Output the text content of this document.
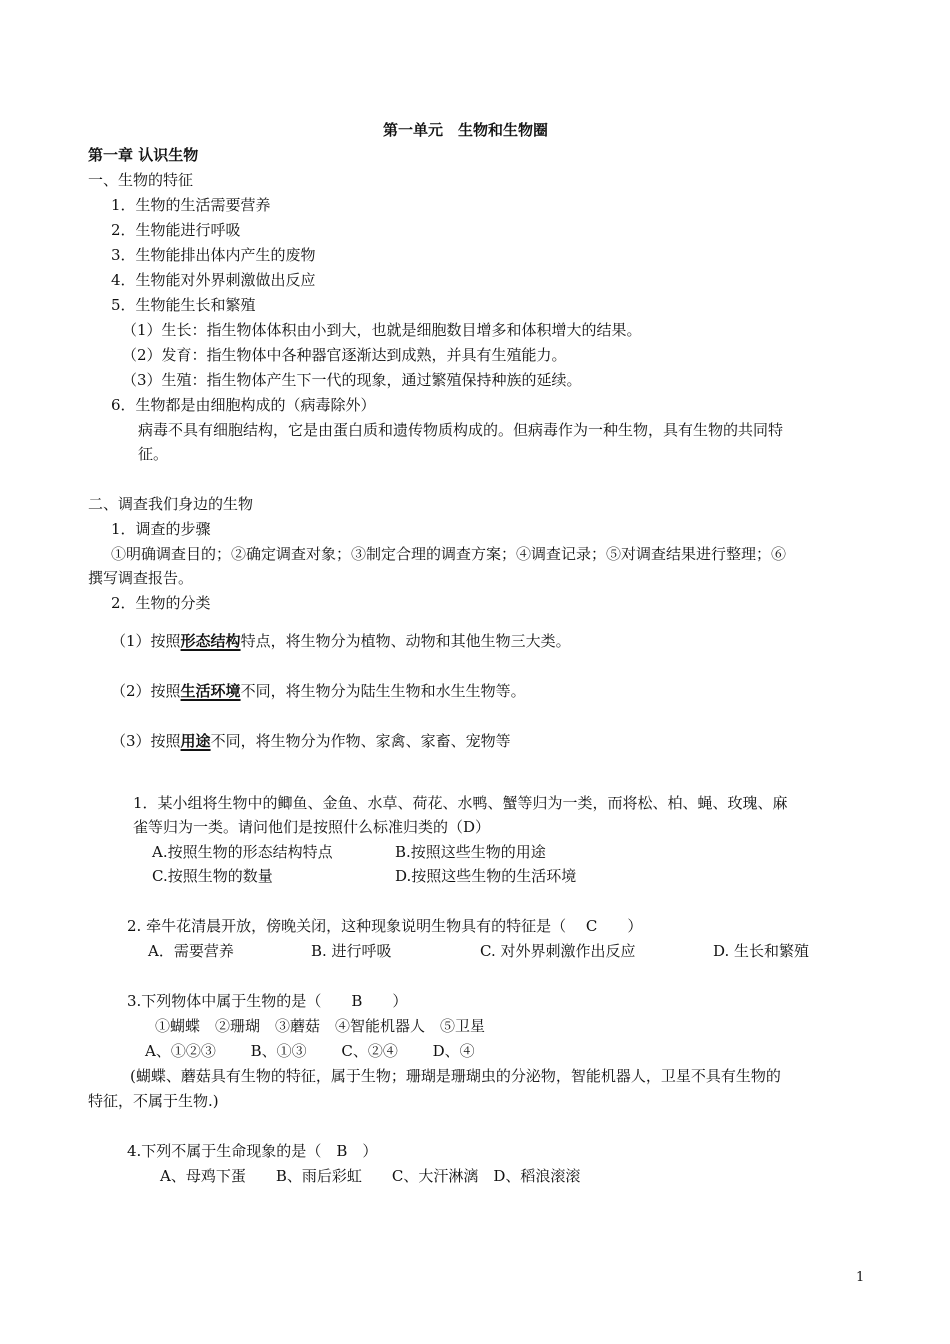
第一单元　生物和生物圈
第一章 认识生物
一、生物的特征
1．生物的生活需要营养
2．生物能进行呼吸
3．生物能排出体内产生的废物
4．生物能对外界刺激做出反应
5．生物能生长和繁殖
（1）生长：指生物体体积由小到大，也就是细胞数目增多和体积增大的结果。
（2）发育：指生物体中各种器官逐渐达到成熟，并具有生殖能力。
（3）生殖：指生物体产生下一代的现象，通过繁殖保持种族的延续。
6．生物都是由细胞构成的（病毒除外）
病毒不具有细胞结构，它是由蛋白质和遗传物质构成的。但病毒作为一种生物，具有生物的共同特
征。
二、调查我们身边的生物
1．调查的步骤
①明确调查目的；②确定调查对象；③制定合理的调查方案；④调查记录；⑤对调查结果进行整理；⑥
撰写调查报告。
2．生物的分类
（1）按照形态结构特点，将生物分为植物、动物和其他生物三大类。
（2）按照生活环境不同，将生物分为陆生生物和水生生物等。
（3）按照用途不同，将生物分为作物、家禽、家畜、宠物等
1．某小组将生物中的鲫鱼、金鱼、水草、荷花、水鸭、蟹等归为一类，而将松、柏、蝇、玫瑰、麻
雀等归为一类。请问他们是按照什么标准归类的（D）
A.按照生物的形态结构特点	B.按照这些生物的用途
C.按照生物的数量	D.按照这些生物的生活环境
2. 牵牛花清晨开放，傍晚关闭，这种现象说明生物具有的特征是（　 C　　）
A．需要营养	B. 进行呼吸	C. 对外界刺激作出反应	D. 生长和繁殖
3.下列物体中属于生物的是（　　B　　）
①蝴蝶　②珊瑚　③蘑菇　④智能机器人　⑤卫星
A、①②③　　 B、①③　　 C、②④　　 D、④
(蝴蝶、蘑菇具有生物的特征，属于生物；珊瑚是珊瑚虫的分泌物，智能机器人，卫星不具有生物的
特征，不属于生物.)
4.下列不属于生命现象的是（　B　）
A、母鸡下蛋　　B、雨后彩虹　　C、大汗淋漓　D、稻浪滚滚
1
